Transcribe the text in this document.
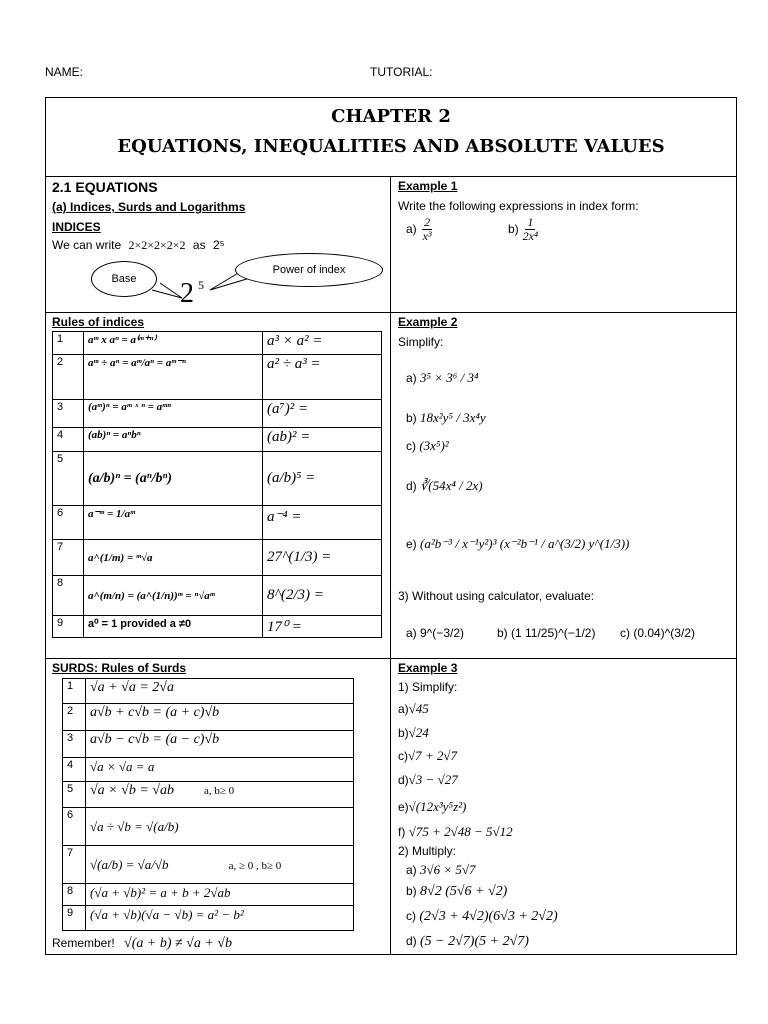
NAME:	TUTORIAL:
CHAPTER 2
EQUATIONS, INEQUALITIES AND ABSOLUTE VALUES
2.1 EQUATIONS
(a) Indices, Surds and Logarithms
INDICES
We can write 2×2×2×2×2 as 2⁵
Base
Power of index
2 5
Example 1
Write the following expressions in index form:
$a) \frac{2}{\text{x³}}$	$b) \frac{1}{\text{2x⁴}}$
Rules of indices
1	aᵐ x aⁿ = a⁽ᵐ⁺ⁿ⁾	a³ × a² =
2	aᵐ ÷ aⁿ = aᵐ/aⁿ = aᵐ⁻ⁿ	a² ÷ a³ =
3	(aᵐ)ⁿ = aᵐ ˣ ⁿ = aᵐⁿ	(a⁷)² =
4	(ab)ⁿ = aⁿbⁿ	(ab)² =
5	(a/b)ⁿ = (aⁿ/bⁿ)	(a/b)⁵ =
6	a⁻ᵐ = 1/aᵐ	a⁻⁴ =
7	a^(1/m) = ᵐ√a	27^(1/3) =
8	a^(m/n) = (a^(1/n))ᵐ = ⁿ√aᵐ	8^(2/3) =
9	a⁰ = 1 provided a ≠0	17⁰ =
Example 2
Simplify:
a) 3⁵ × 3⁶ / 3⁴
b) 18x²y⁵ / 3x⁴y
c) (3x⁵)²
d) ∛(54x⁴ / 2x)
e) (a²b⁻³ / x⁻¹y²)³ (x⁻²b⁻¹ / a^(3/2) y^(1/3))
3) Without using calculator, evaluate:
a) 9^(−3/2)	b) (1 11/25)^(−1/2) c) (0.04)^(3/2)
SURDS: Rules of Surds
1	√a + √a = 2√a
2	a√b + c√b = (a + c)√b
3	a√b − c√b = (a − c)√b
4	√a × √a = a
5	√a × √b = √ab a, b≥ 0
6	√a ÷ √b = √(a/b)
7	√(a/b) = √a/√b a, ≥ 0 , b≥ 0
8	(√a + √b)² = a + b + 2√ab
9	(√a + √b)(√a − √b) = a² − b²
Remember! √(a + b) ≠ √a + √b
Example 3
1) Simplify:
a)√45
b)√24
c)√7 + 2√7
d)√3 − √27
e)√(12x³y⁵z²)
f) √75 + 2√48 − 5√12
2) Multiply:
a) 3√6 × 5√7
b) 8√2 (5√6 + √2)
c) (2√3 + 4√2)(6√3 + 2√2)
d) (5 − 2√7)(5 + 2√7)
